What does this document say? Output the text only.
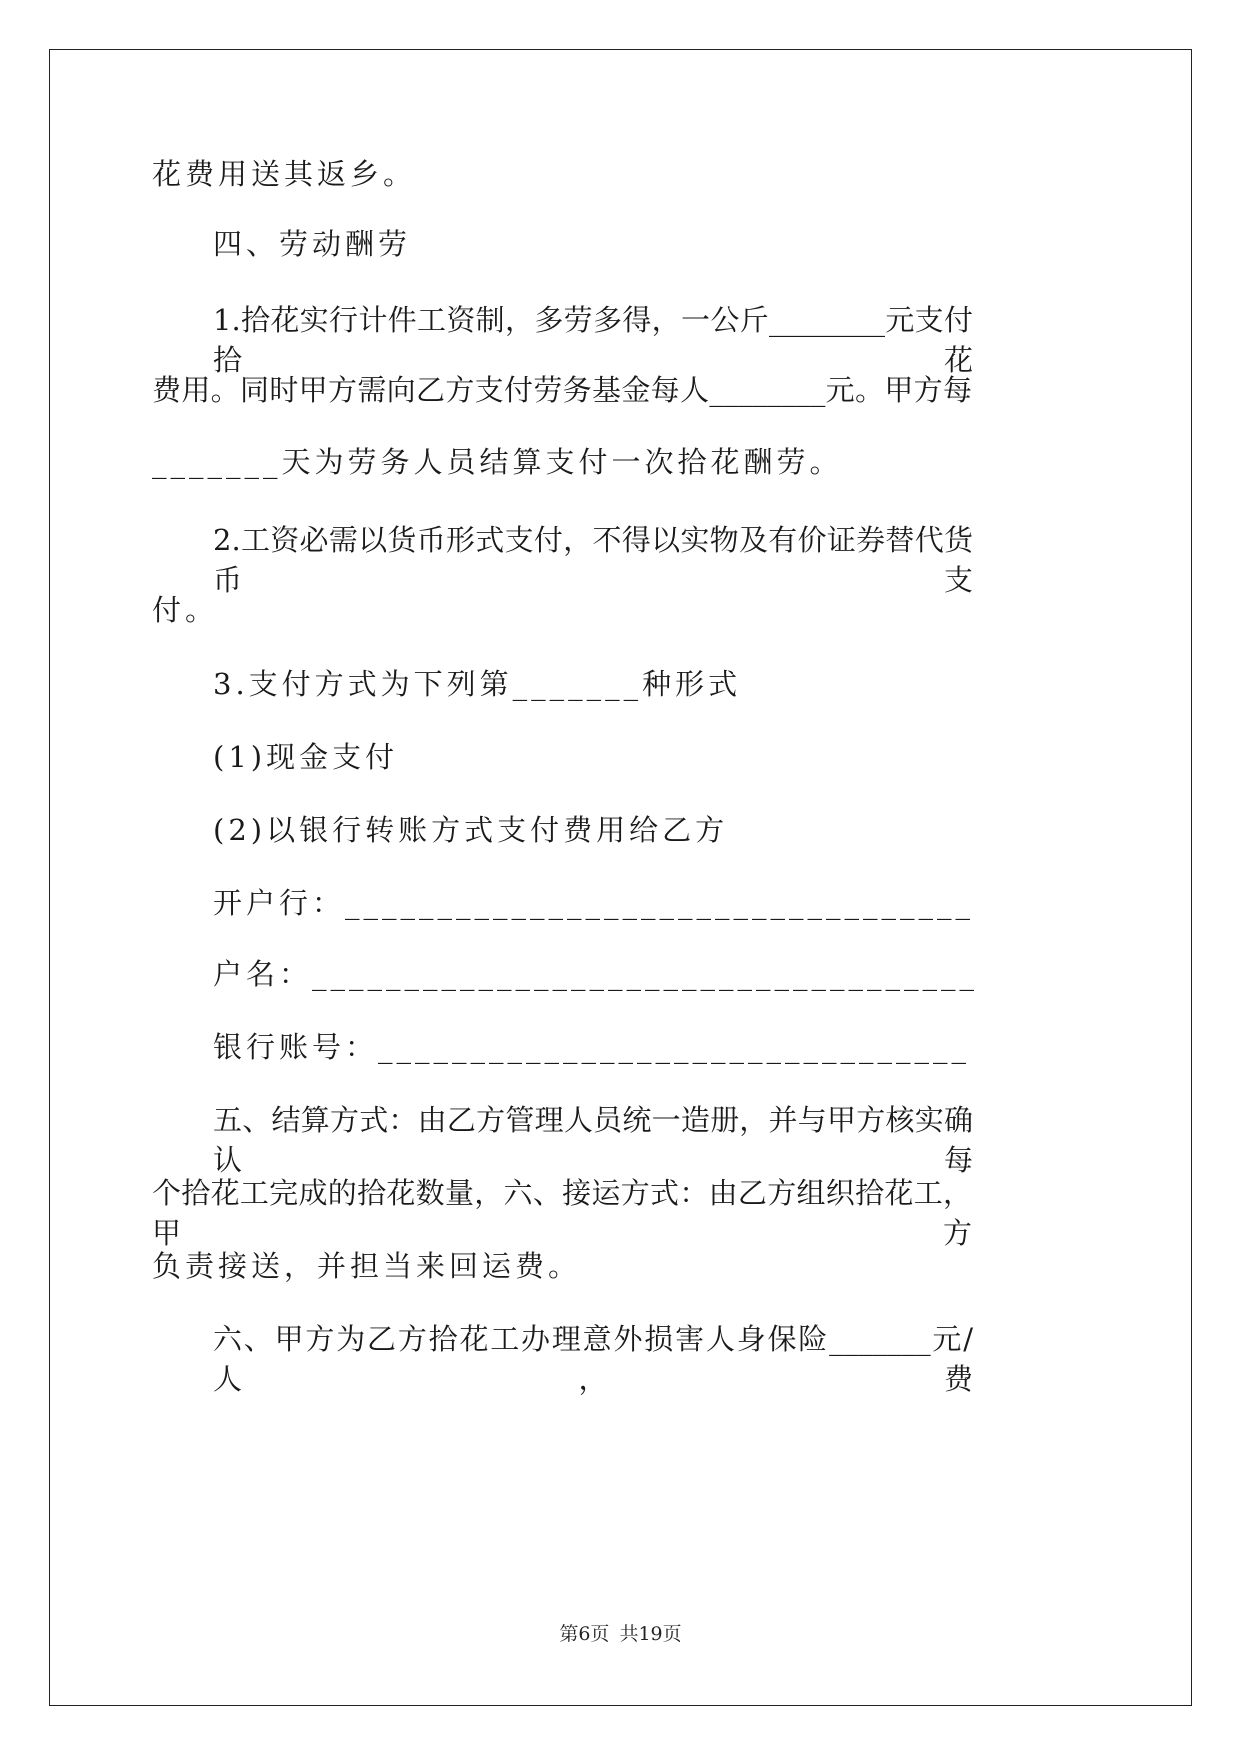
花费用送其返乡。
四、劳动酬劳
1.拾花实行计件工资制，多劳多得，一公斤________元支付拾花
费用。同时甲方需向乙方支付劳务基金每人________元。甲方每
_______天为劳务人员结算支付一次拾花酬劳。
2.工资必需以货币形式支付，不得以实物及有价证券替代货币支
付。
3.支付方式为下列第_______种形式
(1)现金支付
(2)以银行转账方式支付费用给乙方
开户行：__________________________________
户名：____________________________________
银行账号：________________________________
五、结算方式：由乙方管理人员统一造册，并与甲方核实确认每
个拾花工完成的拾花数量，六、接运方式：由乙方组织拾花工，甲方
负责接送，并担当来回运费。
六、甲方为乙方拾花工办理意外损害人身保险_______元/人，费
第6页 共19页
